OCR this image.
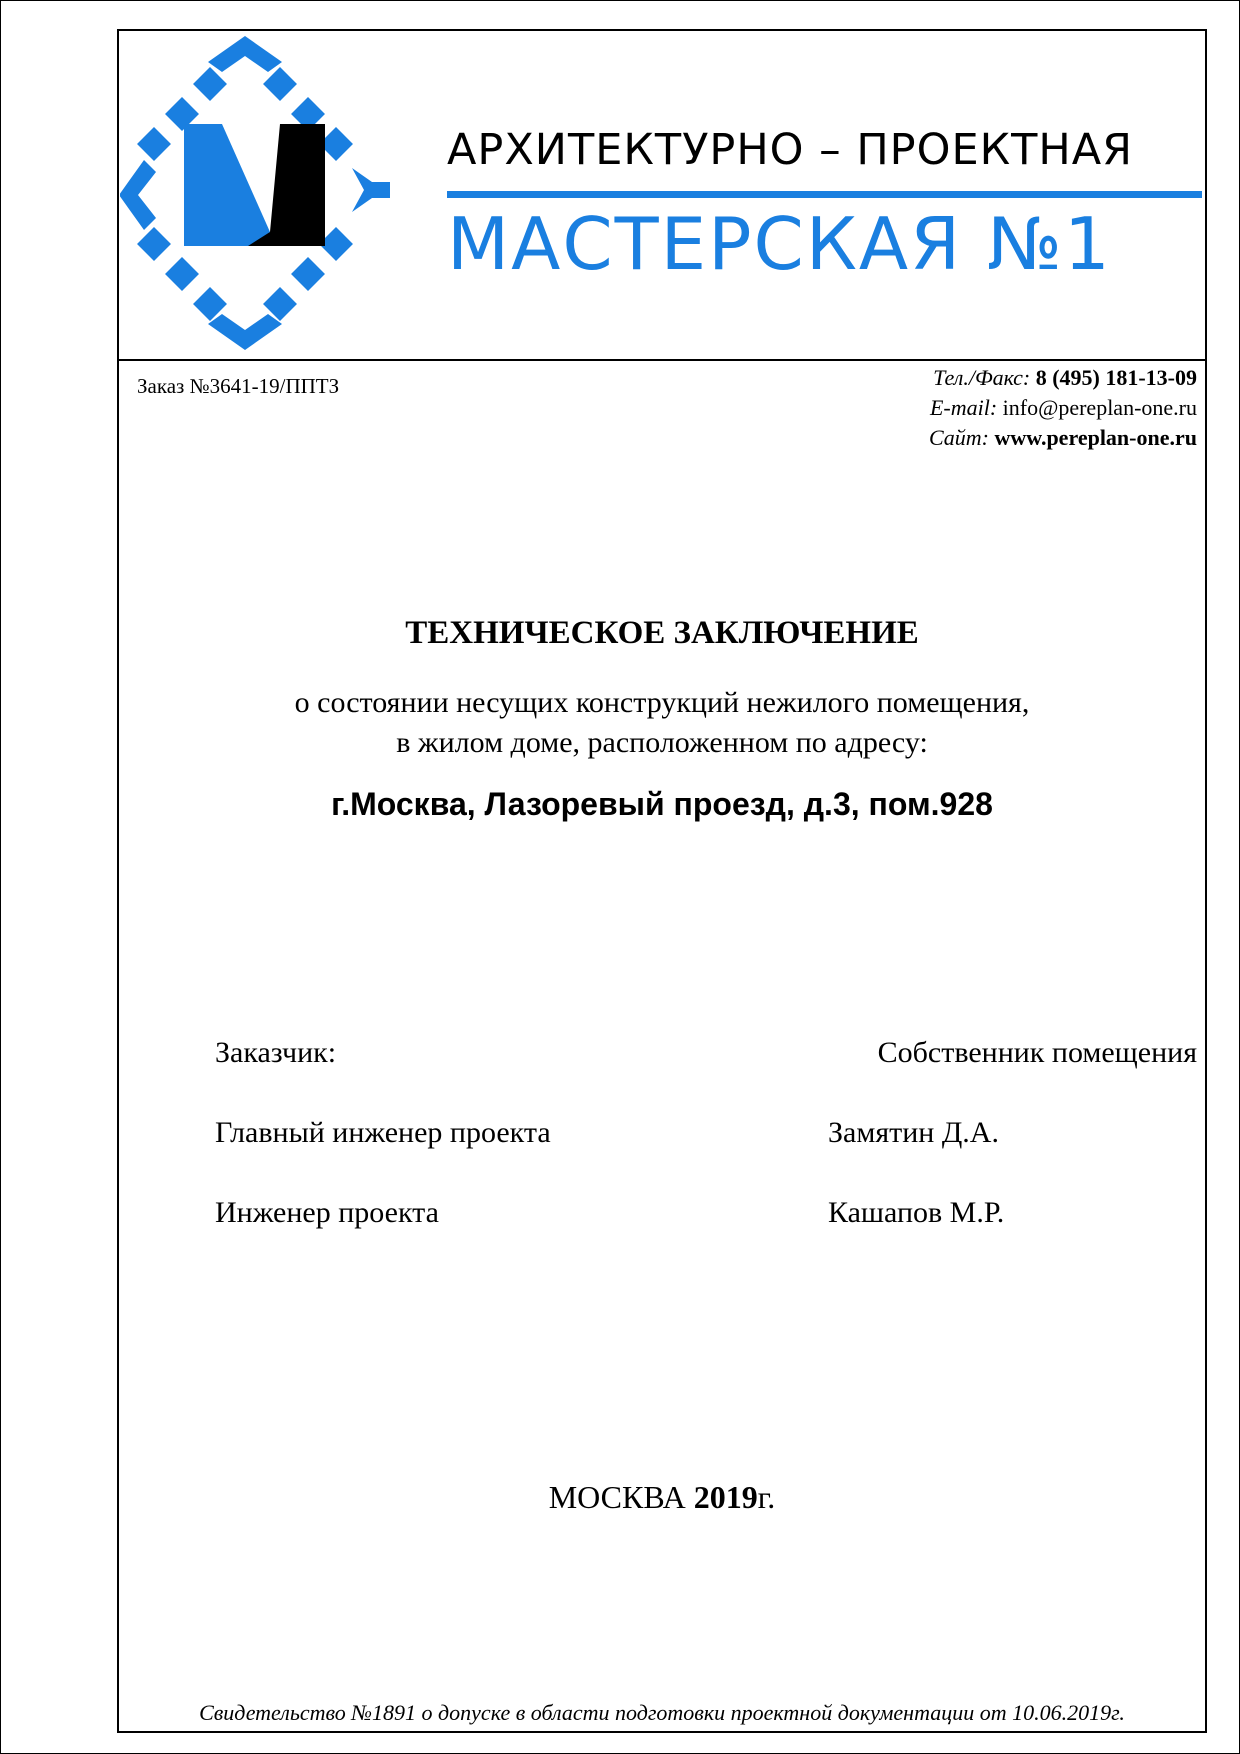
АРХИТЕКТУРНО – ПРОЕКТНАЯ
МАСТЕРСКАЯ №1
Заказ №3641-19/ППТЗ	Тел./Факс: 8 (495) 181-13-09
E-mail: info@pereplan-one.ru
Сайт: www.pereplan-one.ru
ТЕХНИЧЕСКОЕ ЗАКЛЮЧЕНИЕ
о состоянии несущих конструкций нежилого помещения,
в жилом доме, расположенном по адресу:
г.Москва, Лазоревый проезд, д.3, пом.928
Заказчик:	Собственник помещения
Главный инженер проекта	Замятин Д.А.
Инженер проекта	Кашапов М.Р.
МОСКВА 2019г.
Свидетельство №1891 о допуске в области подготовки проектной документации от 10.06.2019г.
